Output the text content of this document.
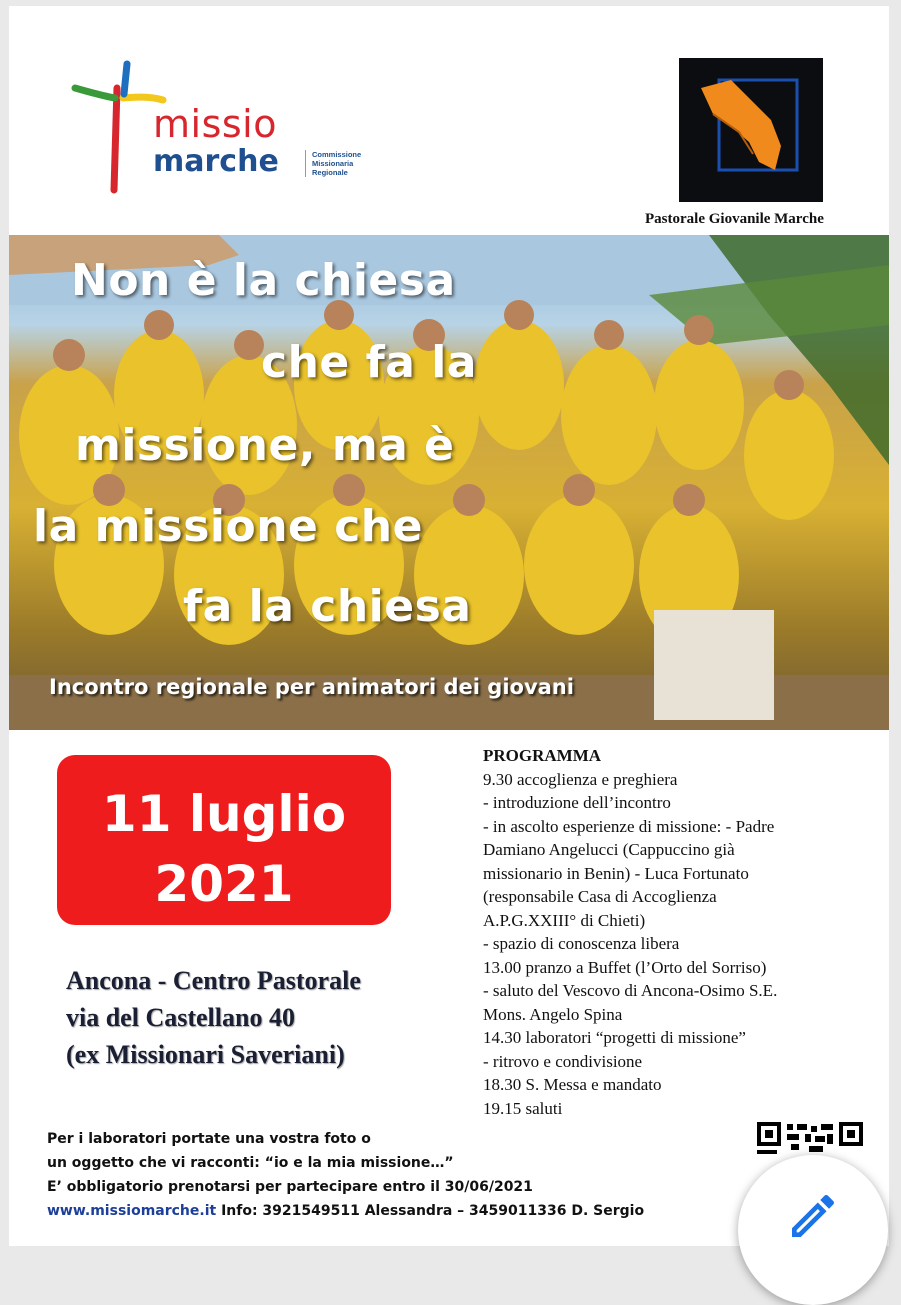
missio
marche	Commissione
Missionaria
Regionale
Pastorale Giovanile Marche
Non è la chiesa
che fa la
missione, ma è
la missione che
fa la chiesa
Incontro regionale per animatori dei giovani
11 luglio
2021
Ancona - Centro Pastorale
via del Castellano 40
(ex Missionari Saveriani)
PROGRAMMA
9.30 accoglienza e preghiera
- introduzione dell’incontro
- in ascolto esperienze di missione: - Padre
Damiano Angelucci (Cappuccino già
missionario in Benin) - Luca Fortunato
(responsabile Casa di Accoglienza
A.P.G.XXIII° di Chieti)
- spazio di conoscenza libera
13.00 pranzo a Buffet (l’Orto del Sorriso)
- saluto del Vescovo di Ancona-Osimo S.E.
Mons. Angelo Spina
14.30 laboratori “progetti di missione”
- ritrovo e condivisione
18.30 S. Messa e mandato
19.15 saluti
Per i laboratori portate una vostra foto o
un oggetto che vi racconti: “io e la mia missione…”
E’ obbligatorio prenotarsi per partecipare entro il 30/06/2021
www.missiomarche.it Info: 3921549511 Alessandra – 3459011336 D. Sergio
